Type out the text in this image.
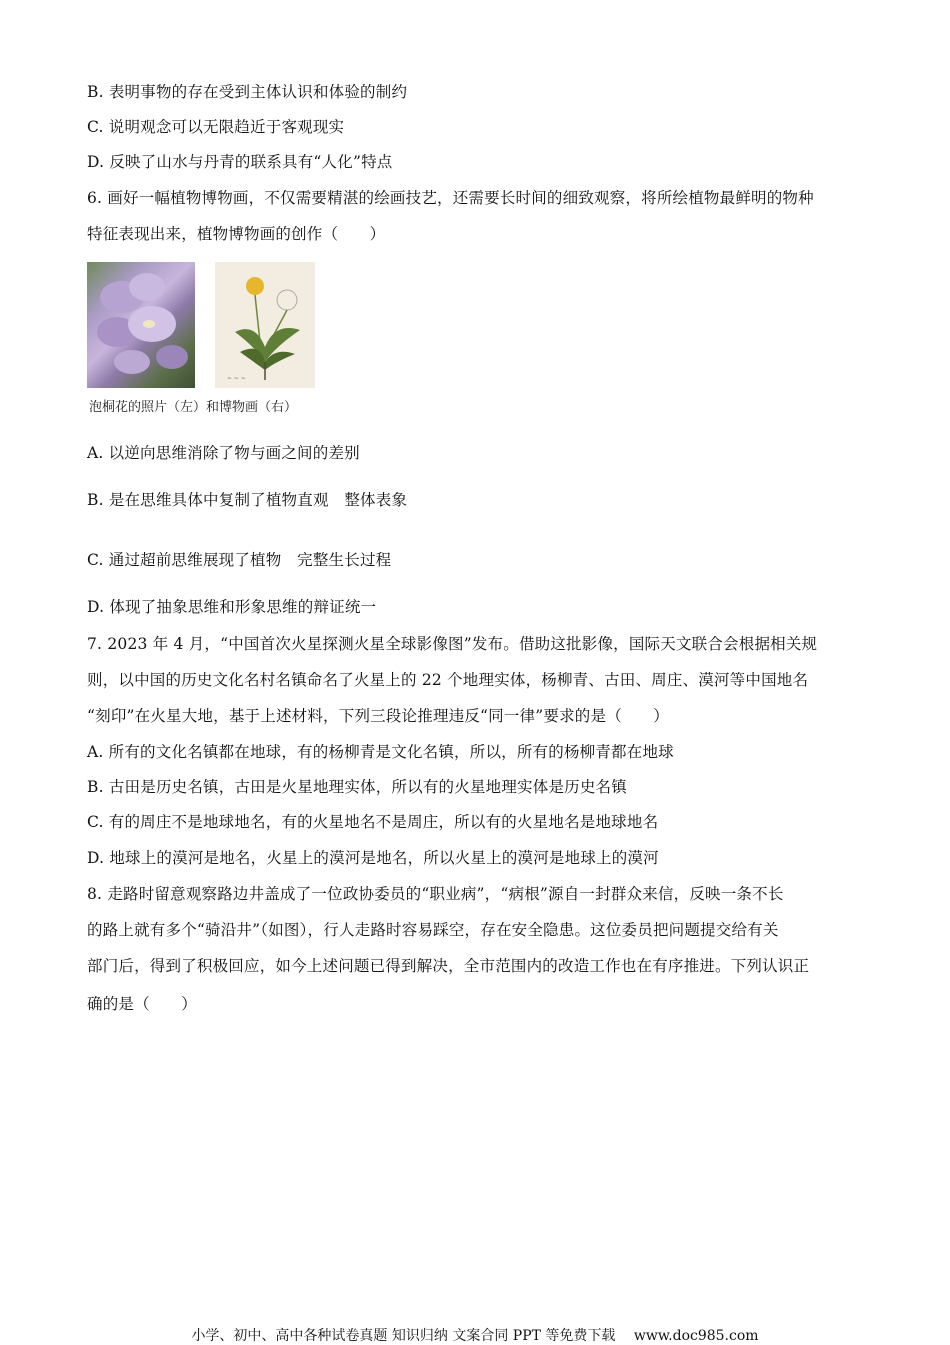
B. 表明事物的存在受到主体认识和体验的制约
C. 说明观念可以无限趋近于客观现实
D. 反映了山水与丹青的联系具有“人化”特点
6. 画好一幅植物博物画，不仅需要精湛的绘画技艺，还需要长时间的细致观察，将所绘植物最鲜明的物种
特征表现出来，植物博物画的创作（　　）
~ ~ ~
泡桐花的照片（左）和博物画（右）
A. 以逆向思维消除了物与画之间的差别
B. 是在思维具体中复制了植物直观　整体表象
C. 通过超前思维展现了植物　完整生长过程
D. 体现了抽象思维和形象思维的辩证统一
7. 2023 年 4 月，“中国首次火星探测火星全球影像图”发布。借助这批影像，国际天文联合会根据相关规
则，以中国的历史文化名村名镇命名了火星上的 22 个地理实体，杨柳青、古田、周庄、漠河等中国地名
“刻印”在火星大地，基于上述材料，下列三段论推理违反“同一律”要求的是（　　）
A. 所有的文化名镇都在地球，有的杨柳青是文化名镇，所以，所有的杨柳青都在地球
B. 古田是历史名镇，古田是火星地理实体，所以有的火星地理实体是历史名镇
C. 有的周庄不是地球地名，有的火星地名不是周庄，所以有的火星地名是地球地名
D. 地球上的漠河是地名，火星上的漠河是地名，所以火星上的漠河是地球上的漠河
8. 走路时留意观察路边井盖成了一位政协委员的“职业病”，“病根”源自一封群众来信，反映一条不长
的路上就有多个“骑沿井”（如图），行人走路时容易踩空，存在安全隐患。这位委员把问题提交给有关
部门后，得到了积极回应，如今上述问题已得到解决，全市范围内的改造工作也在有序推进。下列认识正
确的是（　　）
小学、初中、高中各种试卷真题 知识归纳 文案合同 PPT 等免费下载　 www.doc985.com
